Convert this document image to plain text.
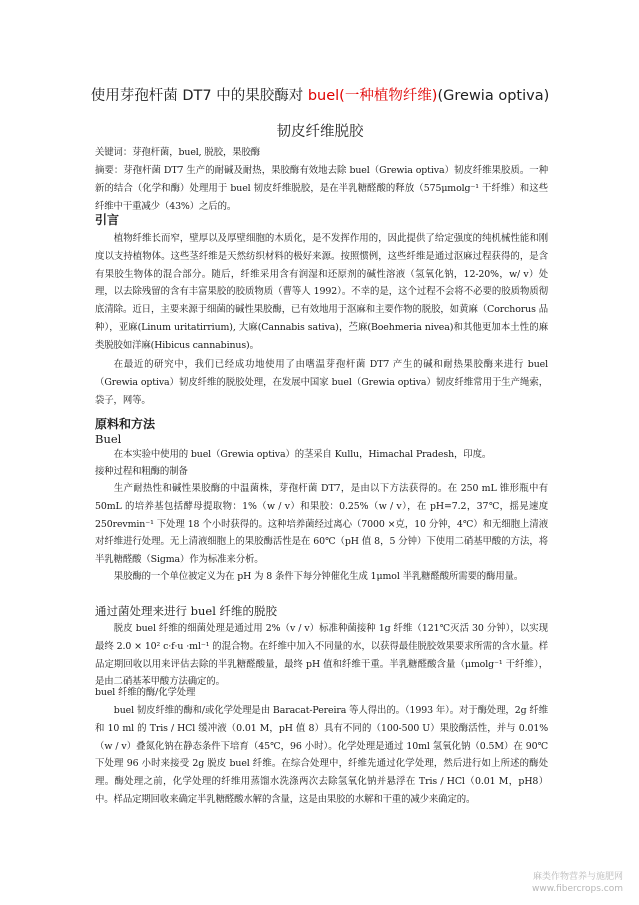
使用芽孢杆菌 DT7 中的果胶酶对 buel(一种植物纤维)(Grewia optiva)
韧皮纤维脱胶

关键词：芽孢杆菌，buel, 脱胶，果胶酶

摘要：芽孢杆菌 DT7 生产的耐碱及耐热，果胶酶有效地去除 buel（Grewia optiva）韧皮纤维果胶质。一种新的结合（化学和酶）处理用于 buel 韧皮纤维脱胶，是在半乳糖醛酸的释放（575μmolg⁻¹ 干纤维）和这些纤维中干重减少（43%）之后的。

引言

植物纤维长而窄，壁厚以及厚壁细胞的木质化，是不发挥作用的，因此提供了给定强度的纯机械性能和刚度以支持植物体。这些茎纤维是天然纺织材料的极好来源。按照惯例，这些纤维是通过沤麻过程获得的，是含有果胶生物体的混合部分。随后，纤维采用含有润湿和还原剂的碱性溶液（氢氧化钠，12-20%，w/ v）处理，以去除残留的含有丰富果胶的胶质物质（曹等人 1992）。不幸的是，这个过程不会将不必要的胶质物质彻底清除。近日，主要来源于细菌的碱性果胶酶，已有效地用于沤麻和主要作物的脱胶，如黄麻（Corchorus 品种），亚麻(Linum uritatirrium), 大麻(Cannabis sativa)，苎麻(Boehmeria nivea)和其他更加本土性的麻类脱胶如洋麻(Hibicus cannabinus)。

在最近的研究中，我们已经成功地使用了由嗜温芽孢杆菌 DT7 产生的碱和耐热果胶酶来进行 buel（Grewia optiva）韧皮纤维的脱胶处理，在发展中国家 buel（Grewia optiva）韧皮纤维常用于生产绳索，袋子，网等。

原料和方法
Buel

在本实验中使用的 buel（Grewia optiva）的茎采自 Kullu，Himachal Pradesh，印度。

接种过程和粗酶的制备

生产耐热性和碱性果胶酶的中温菌株，芽孢杆菌 DT7，是由以下方法获得的。在 250 mL 锥形瓶中有 50mL 的培养基包括酵母提取物：1%（w / v）和果胶：0.25%（w / v），在 pH=7.2，37℃，摇晃速度 250revmin⁻¹ 下处理 18 个小时获得的。这种培养菌经过离心（7000 ×克，10 分钟，4℃）和无细胞上清液对纤维进行处理。无上清液细胞上的果胶酶活性是在 60℃（pH 值 8，5 分钟）下使用二硝基甲酸的方法，将半乳糖醛酸（Sigma）作为标准来分析。

果胶酶的一个单位被定义为在 pH 为 8 条件下每分钟催化生成 1μmol 半乳糖醛酸所需要的酶用量。

通过菌处理来进行 buel 纤维的脱胶

脱皮 buel 纤维的细菌处理是通过用 2%（v / v）标准种菌接种 1g 纤维（121℃灭活 30 分钟），以实现最终 2.0 × 10² c·f·u ·ml⁻¹ 的混合物。在纤维中加入不同量的水，以获得最佳脱胶效果要求所需的含水量。样品定期回收以用来评估去除的半乳糖醛酸量，最终 pH 值和纤维干重。半乳糖醛酸含量（μmolg⁻¹ 干纤维），是由二硝基苯甲酸方法确定的。

buel 纤维的酶/化学处理

buel 韧皮纤维的酶和/或化学处理是由 Baracat-Pereira 等人得出的。（1993 年）。对于酶处理，2g 纤维和 10 ml 的 Tris / HCl 缓冲液（0.01 M，pH 值 8）具有不同的（100-500 U）果胶酶活性，并与 0.01%（w / v）叠氮化钠在静态条件下培育（45℃，96 小时）。化学处理是通过 10ml 氢氧化钠（0.5M）在 90℃下处理 96 小时来接受 2g 脱皮 buel 纤维。在综合处理中，纤维先通过化学处理，然后进行如上所述的酶处理。酶处理之前，化学处理的纤维用蒸馏水洗涤两次去除氢氧化钠并悬浮在 Tris / HCl（0.01 M，pH8）中。样品定期回收来确定半乳糖醛酸水解的含量，这是由果胶的水解和干重的减少来确定的。

麻类作物营养与施肥网
www.fibercrops.com
